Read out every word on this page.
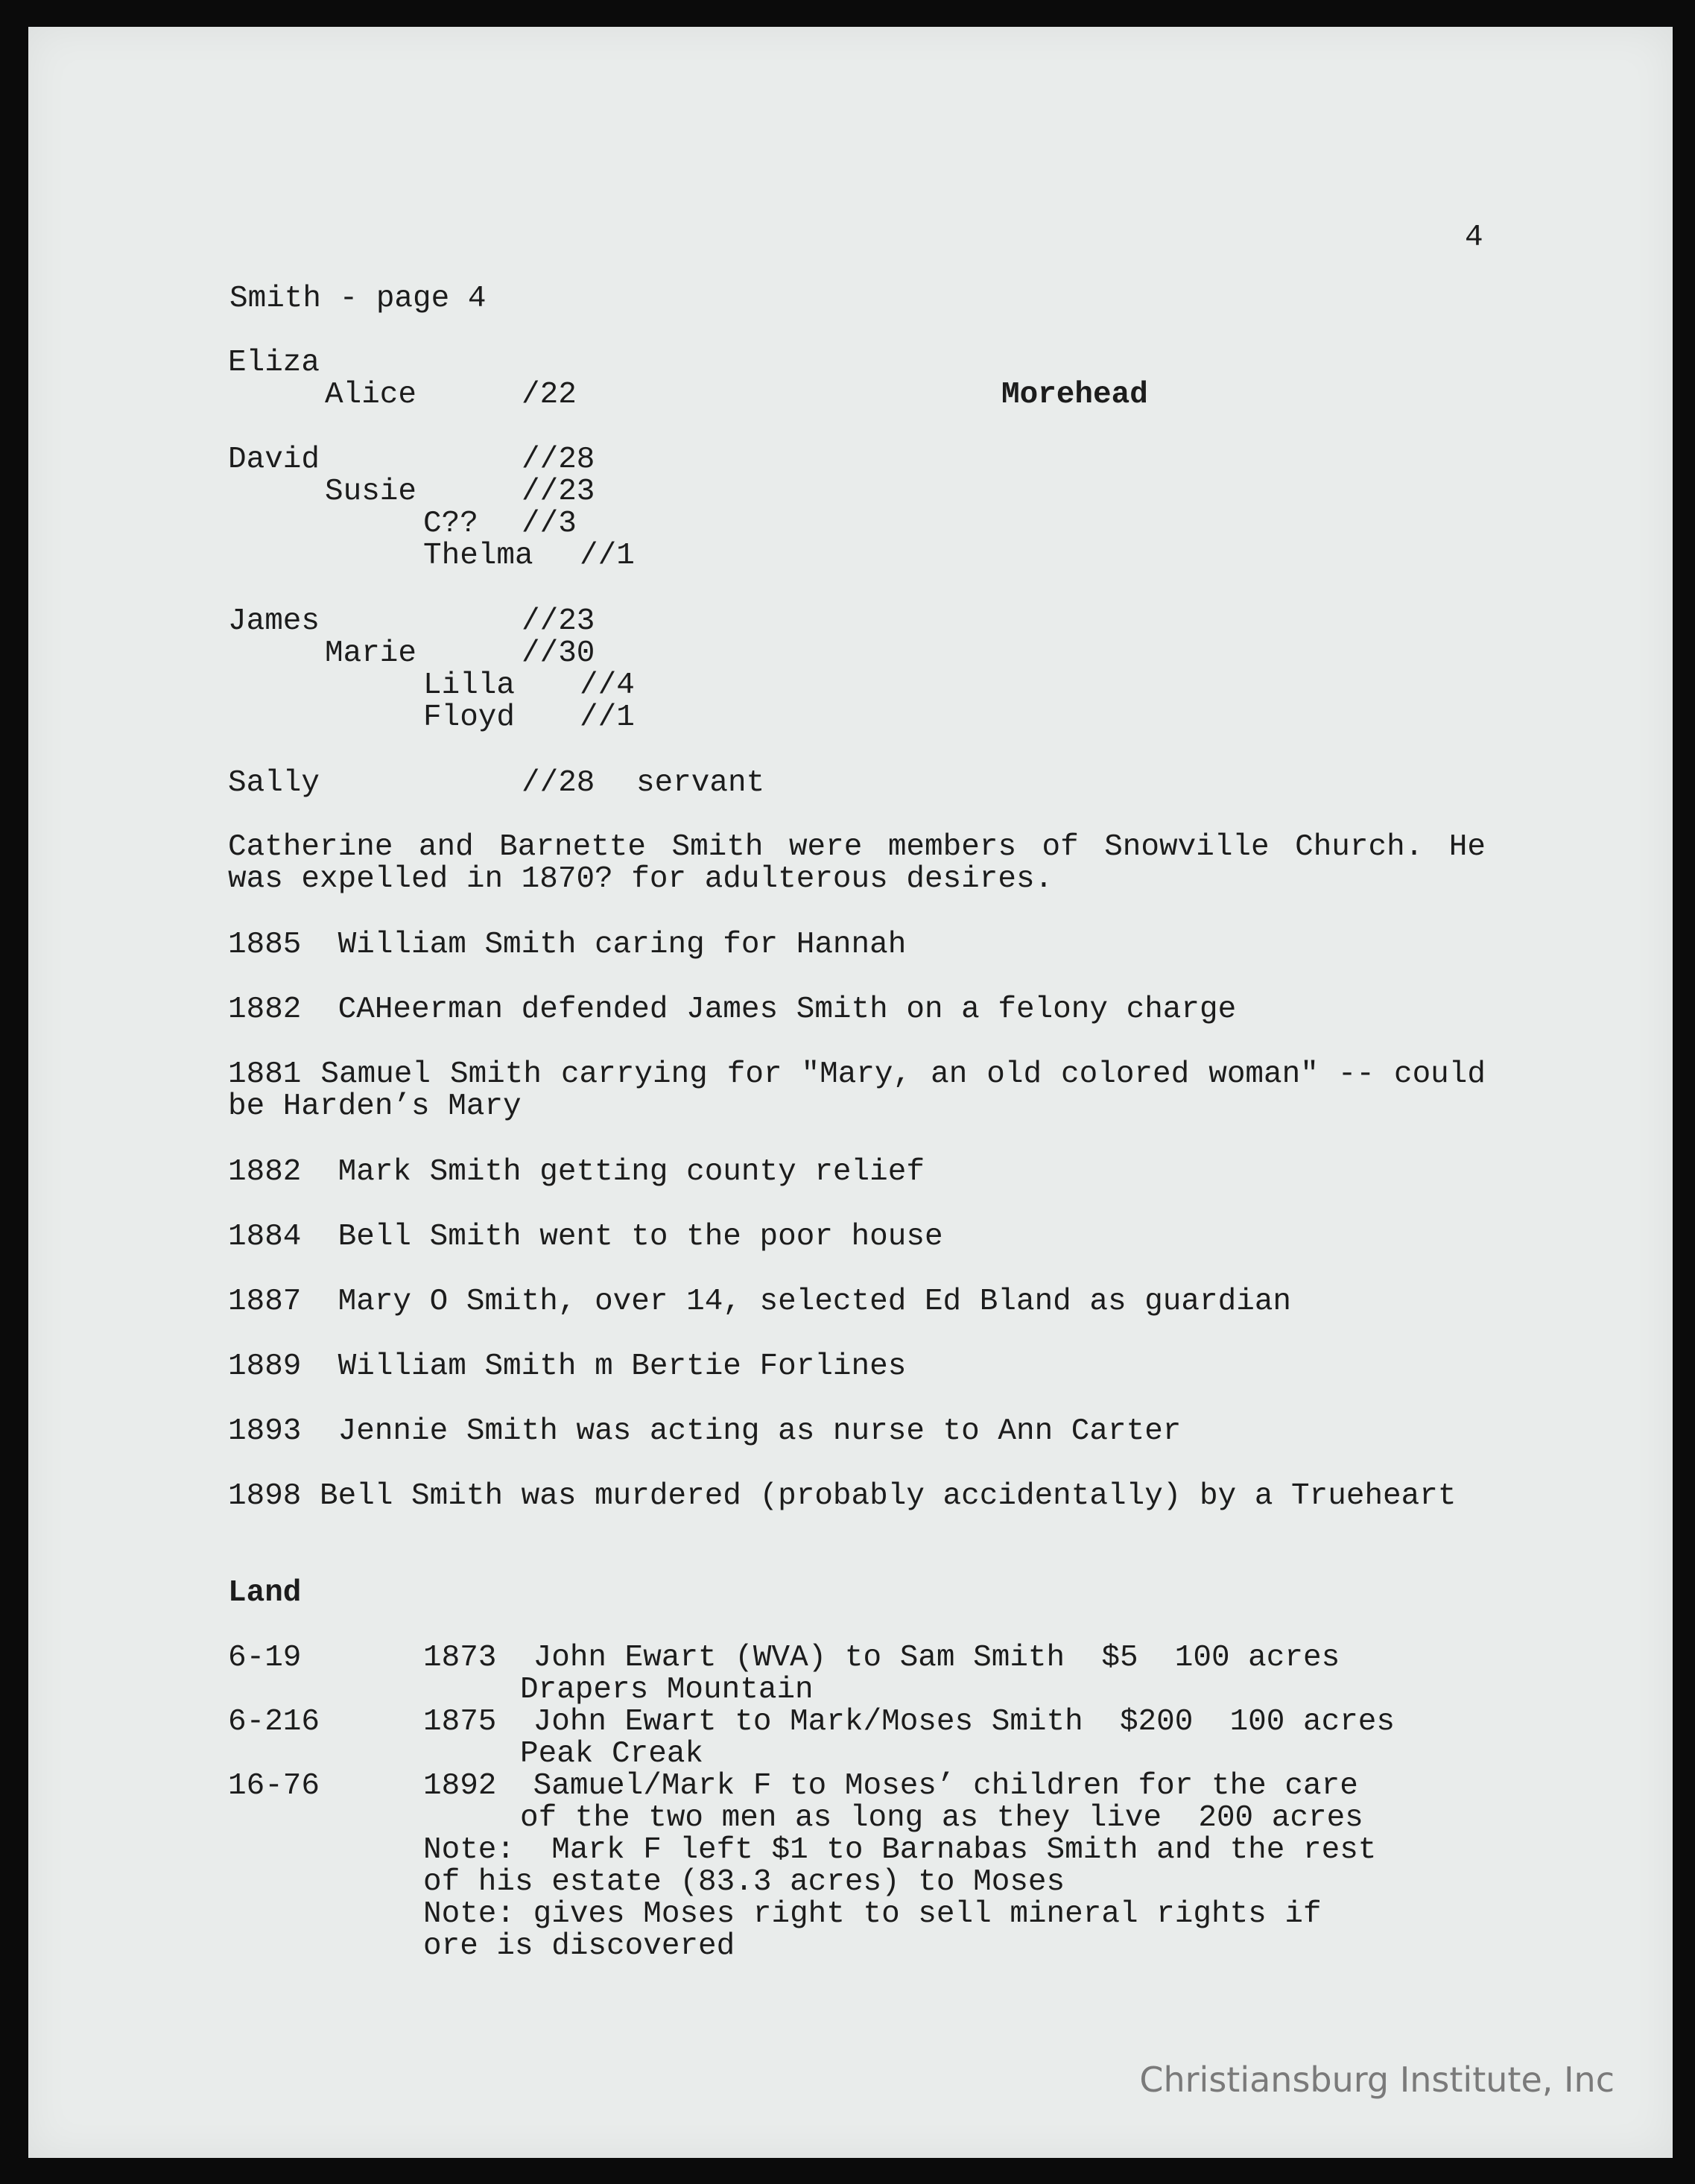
4
Smith - page 4
Eliza
Alice	/22	Morehead
David	//28
Susie	//23
C?? //3
Thelma //1
James	//23
Marie	//30
Lilla //4
Floyd //1
Sally	//28 servant
Catherine and Barnette Smith were members of Snowville Church. He was expelled in 1870? for adulterous desires.
1885  William Smith caring for Hannah
1882  CAHeerman defended James Smith on a felony charge
1881 Samuel Smith carrying for "Mary, an old colored woman" -- could be Harden’s Mary
1882  Mark Smith getting county relief
1884  Bell Smith went to the poor house
1887  Mary O Smith, over 14, selected Ed Bland as guardian
1889  William Smith m Bertie Forlines
1893  Jennie Smith was acting as nurse to Ann Carter
1898 Bell Smith was murdered (probably accidentally) by a Trueheart
Land
6-19	1873  John Ewart (WVA) to Sam Smith  $5  100 acres
Drapers Mountain
6-216	1875  John Ewart to Mark/Moses Smith  $200  100 acres
Peak Creak
16-76	1892  Samuel/Mark F to Moses’ children for the care
of the two men as long as they live  200 acres
Note:  Mark F left $1 to Barnabas Smith and the rest
of his estate (83.3 acres) to Moses
Note: gives Moses right to sell mineral rights if
ore is discovered
Christiansburg Institute, Inc
